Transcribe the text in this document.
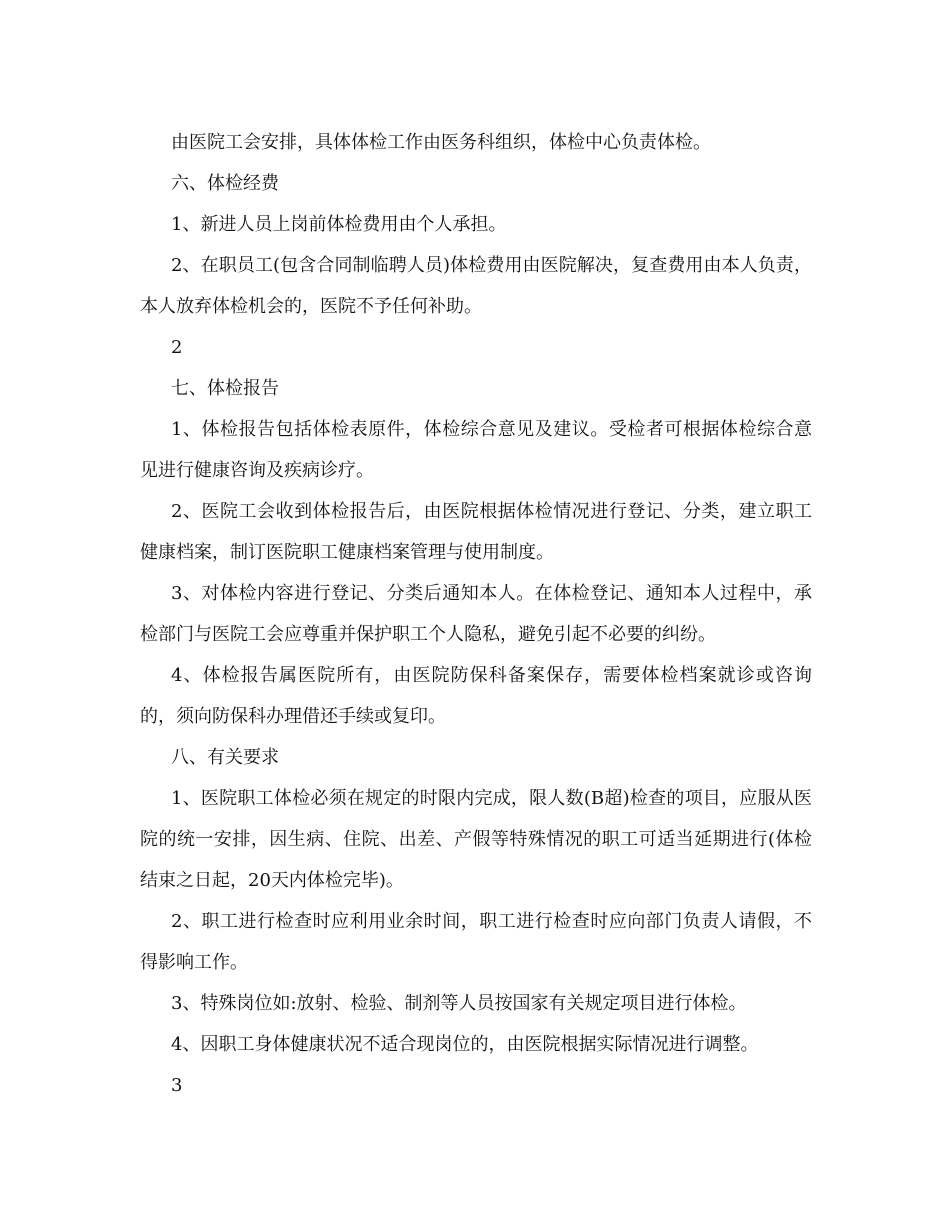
由医院工会安排，具体体检工作由医务科组织，体检中心负责体检。

六、体检经费

1、新进人员上岗前体检费用由个人承担。

2、在职员工(包含合同制临聘人员)体检费用由医院解决，复查费用由本人负责，本人放弃体检机会的，医院不予任何补助。

2

七、体检报告

1、体检报告包括体检表原件，体检综合意见及建议。受检者可根据体检综合意见进行健康咨询及疾病诊疗。

2、医院工会收到体检报告后，由医院根据体检情况进行登记、分类，建立职工健康档案，制订医院职工健康档案管理与使用制度。

3、对体检内容进行登记、分类后通知本人。在体检登记、通知本人过程中，承检部门与医院工会应尊重并保护职工个人隐私，避免引起不必要的纠纷。

4、体检报告属医院所有，由医院防保科备案保存，需要体检档案就诊或咨询的，须向防保科办理借还手续或复印。

八、有关要求

1、医院职工体检必须在规定的时限内完成，限人数(B超)检查的项目，应服从医院的统一安排，因生病、住院、出差、产假等特殊情况的职工可适当延期进行(体检结束之日起，20天内体检完毕)。

2、职工进行检查时应利用业余时间，职工进行检查时应向部门负责人请假，不得影响工作。

3、特殊岗位如:放射、检验、制剂等人员按国家有关规定项目进行体检。

4、因职工身体健康状况不适合现岗位的，由医院根据实际情况进行调整。

3
